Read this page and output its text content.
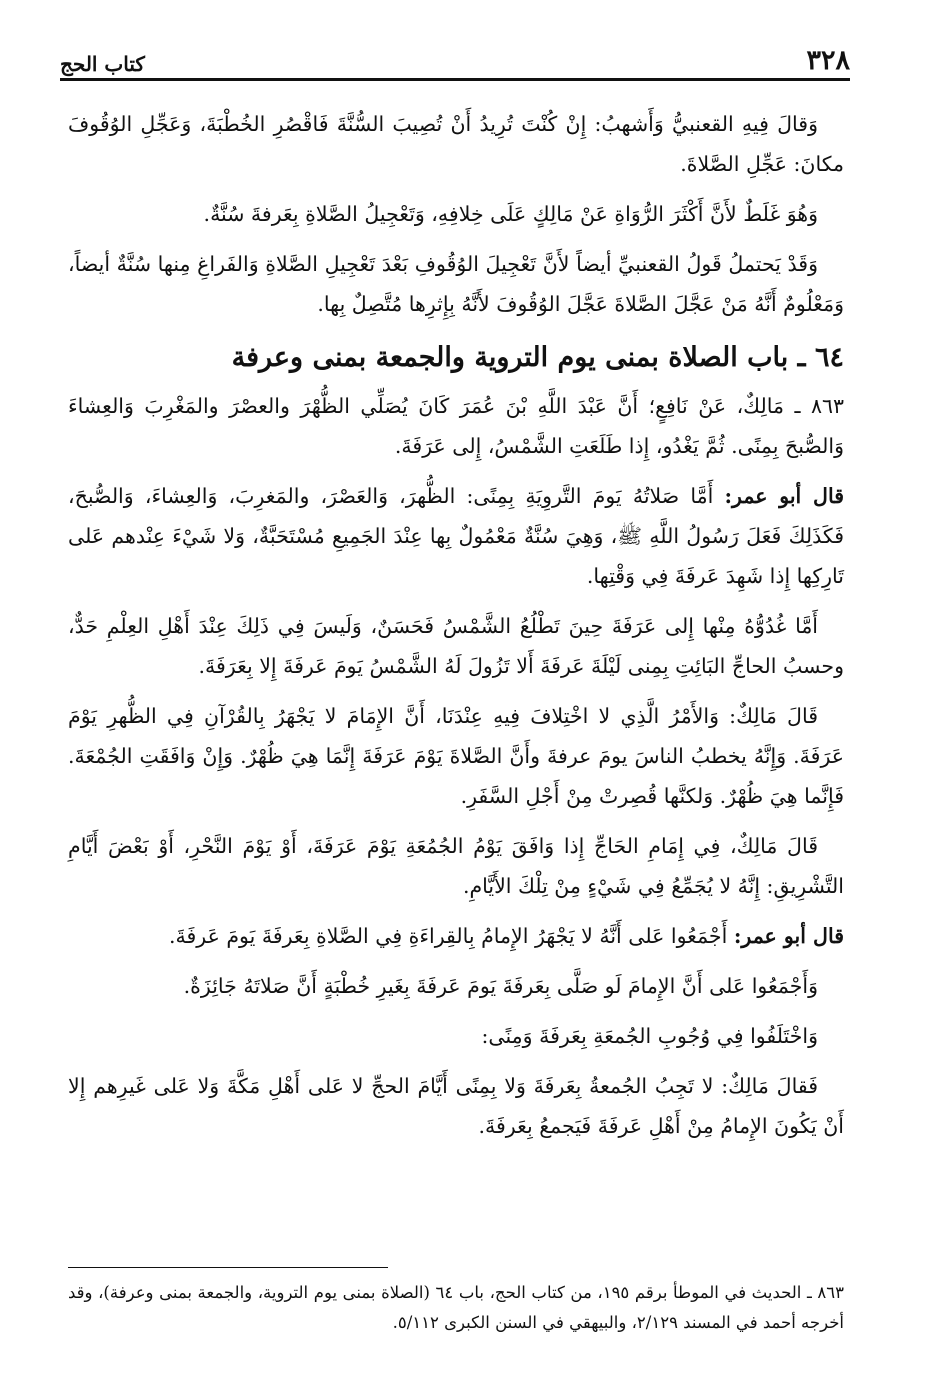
٣٢٨
كتاب الحج

وَقالَ فِيهِ القعنبيُّ وَأَشهبُ: إِنْ كُنْتَ تُرِيدُ أَنْ تُصِيبَ السُّنَّةَ فَاقْصُرِ الخُطْبَةَ، وَعَجِّلِ الوُقُوفَ مكانَ: عَجِّلِ الصَّلاةَ.

وَهُوَ غَلَطٌ لأَنَّ أَكْثَرَ الرُّوَاةِ عَنْ مَالِكٍ عَلَى خِلافِهِ، وَتَعْجِيلُ الصَّلاةِ بِعَرفةَ سُنَّةٌ.

وَقَدْ يَحتملُ قَولُ القعنبيِّ أيضاً لأَنَّ تَعْجِيلَ الوُقُوفِ بَعْدَ تَعْجِيلِ الصَّلاةِ وَالفَراغِ مِنها سُنَّةٌ أيضاً، وَمَعْلُومٌ أَنَّهُ مَنْ عَجَّلَ الصَّلاةَ عَجَّلَ الوُقُوفَ لأَنَّهُ بِإِثرِها مُتَّصِلٌ بِها.

٦٤ ـ باب الصلاة بمنى يوم التروية والجمعة بمنى وعرفة

٨٦٣ ـ مَالِكٌ، عَنْ نَافِعٍ؛ أَنَّ عَبْدَ اللَّهِ بْنَ عُمَرَ كَانَ يُصَلِّي الظُّهْرَ والعصْرَ والمَغْرِبَ وَالعِشاءَ وَالصُّبحَ بِمِنًى. ثُمَّ يَغْدُو، إِذا طَلَعَتِ الشَّمْسُ، إِلى عَرَفَةَ.

قال أبو عمر: أَمَّا صَلاتُهُ يَومَ التَّروِيَةِ بِمِنًى: الظُّهرَ، وَالعَصْرَ، والمَغرِبَ، وَالعِشاءَ، وَالصُّبحَ، فَكَذَلِكَ فَعَلَ رَسُولُ اللَّهِ ﷺ، وَهِيَ سُنَّةٌ مَعْمُولٌ بِها عِنْدَ الجَمِيعِ مُسْتَحَبَّةٌ، وَلا شَيْءَ عِنْدهم عَلى تَارِكِها إِذا شَهِدَ عَرفَةَ فِي وَقْتِها.

أَمَّا غُدُوُّهُ مِنْها إِلى عَرَفَةَ حِينَ تَطْلُعُ الشَّمْسُ فَحَسَنٌ، وَلَيسَ فِي ذَلِكَ عِنْدَ أَهْلِ العِلْمِ حَدٌّ، وحسبُ الحاجِّ البَائِتِ بِمِنى لَيْلَةَ عَرفَةَ أَلا تَزُولَ لَهُ الشَّمْسُ يَومَ عَرفَةَ إِلا بِعَرَفَةَ.

قَالَ مَالِكٌ: وَالأَمْرُ الَّذِي لا اخْتِلافَ فِيهِ عِنْدَنَا، أَنَّ الإِمَامَ لا يَجْهَرُ بِالقُرْآنِ فِي الظُّهرِ يَوْمَ عَرَفَةَ. وَإِنَّهُ يخطبُ الناسَ يومَ عرفةَ وأَنَّ الصَّلاةَ يَوْمَ عَرَفَةَ إِنَّمَا هِيَ ظُهْرٌ. وَإِنْ وَافَقَتِ الجُمْعَةَ. فَإِنَّما هِيَ ظُهْرٌ. وَلكنَّها قُصِرتْ مِنْ أَجْلِ السَّفَرِ.

قَالَ مَالِكٌ، فِي إِمَامِ الحَاجِّ إِذا وَافَقَ يَوْمُ الجُمُعَةِ يَوْمَ عَرَفَةَ، أَوْ يَوْمَ النَّحْرِ، أَوْ بَعْضَ أَيَّامِ التَّشْرِيقِ: إِنَّهُ لا يُجَمِّعُ فِي شَيْءٍ مِنْ تِلْكَ الأَيَّامِ.

قال أبو عمر: أَجْمَعُوا عَلى أَنَّهُ لا يَجْهَرُ الإِمامُ بِالقِراءَةِ فِي الصَّلاةِ بِعَرفَةَ يَومَ عَرفَةَ.

وَأَجْمَعُوا عَلى أَنَّ الإِمامَ لَو صَلَّى بِعَرفَةَ يَومَ عَرفَةَ بِغَيرِ خُطْبَةٍ أَنَّ صَلاتَهُ جَائِزَةٌ.

وَاخْتَلَفُوا فِي وُجُوبِ الجُمعَةِ بِعَرفَةَ وَمِنًى:

فَقالَ مَالِكٌ: لا تَجِبُ الجُمعةُ بِعَرفَةَ وَلا بِمِنًى أَيَّامَ الحجِّ لا عَلى أَهْلِ مَكَّةَ وَلا عَلى غَيرِهم إِلا أَنْ يَكُونَ الإِمامُ مِنْ أَهْلِ عَرفَةَ فَيَجمعُ بِعَرفَةَ.

٨٦٣ ـ الحديث في الموطأ برقم ١٩٥، من كتاب الحج، باب ٦٤ (الصلاة بمنى يوم التروية، والجمعة بمنى وعرفة)، وقد أخرجه أحمد في المسند ٢/١٢٩، والبيهقي في السنن الكبرى ٥/١١٢.
